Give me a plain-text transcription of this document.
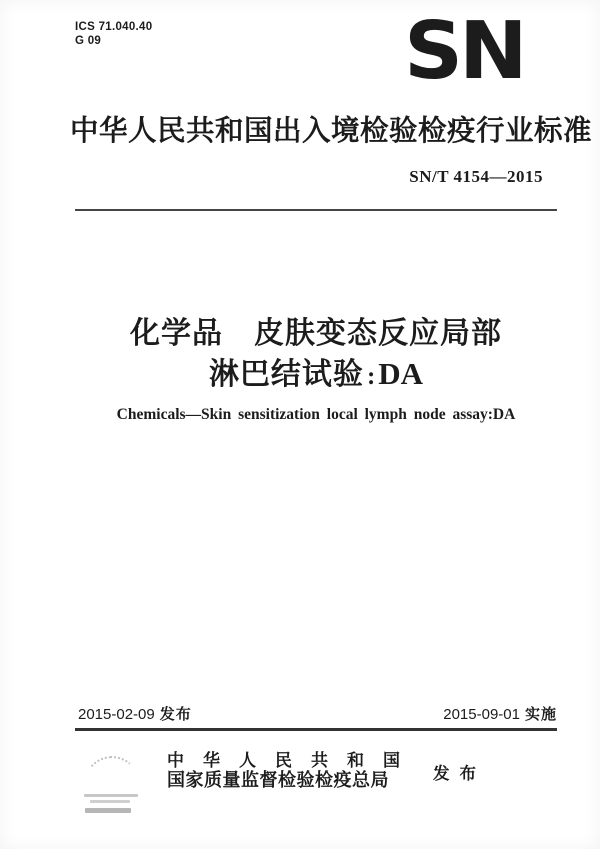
ICS 71.040.40
G 09	SN
中华人民共和国出入境检验检疫行业标准
SN/T 4154—2015
化学品　皮肤变态反应局部
淋巴结试验 :DA
Chemicals—Skin sensitization local lymph node assay:DA
2015-02-09 发布	2015-09-01 实施
中华人民共和国
国家质量监督检验检疫总局	发布
